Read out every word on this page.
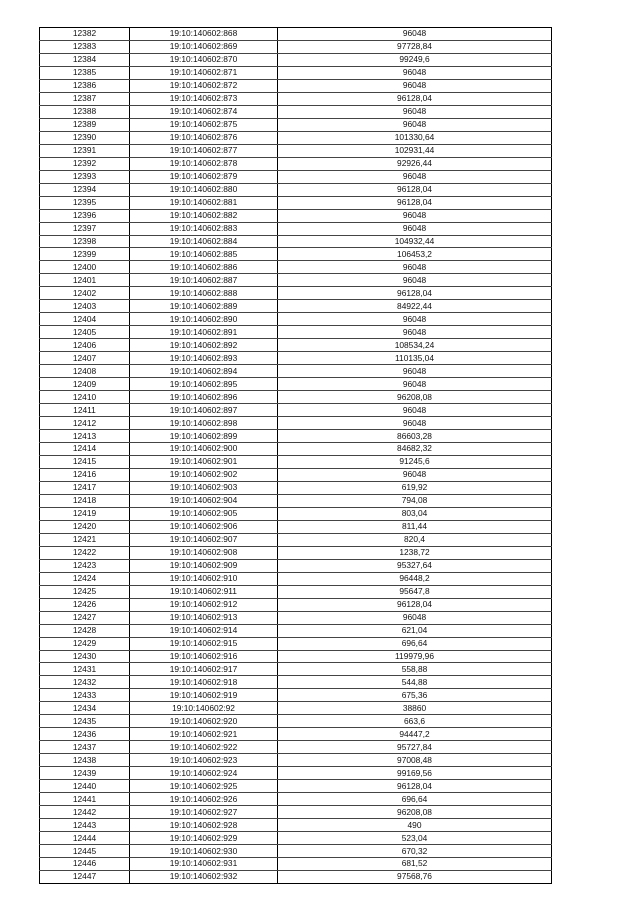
12382	19:10:140602:868	96048
12383	19:10:140602:869	97728,84
12384	19:10:140602:870	99249,6
12385	19:10:140602:871	96048
12386	19:10:140602:872	96048
12387	19:10:140602:873	96128,04
12388	19:10:140602:874	96048
12389	19:10:140602:875	96048
12390	19:10:140602:876	101330,64
12391	19:10:140602:877	102931,44
12392	19:10:140602:878	92926,44
12393	19:10:140602:879	96048
12394	19:10:140602:880	96128,04
12395	19:10:140602:881	96128,04
12396	19:10:140602:882	96048
12397	19:10:140602:883	96048
12398	19:10:140602:884	104932,44
12399	19:10:140602:885	106453,2
12400	19:10:140602:886	96048
12401	19:10:140602:887	96048
12402	19:10:140602:888	96128,04
12403	19:10:140602:889	84922,44
12404	19:10:140602:890	96048
12405	19:10:140602:891	96048
12406	19:10:140602:892	108534,24
12407	19:10:140602:893	110135,04
12408	19:10:140602:894	96048
12409	19:10:140602:895	96048
12410	19:10:140602:896	96208,08
12411	19:10:140602:897	96048
12412	19:10:140602:898	96048
12413	19:10:140602:899	86603,28
12414	19:10:140602:900	84682,32
12415	19:10:140602:901	91245,6
12416	19:10:140602:902	96048
12417	19:10:140602:903	619,92
12418	19:10:140602:904	794,08
12419	19:10:140602:905	803,04
12420	19:10:140602:906	811,44
12421	19:10:140602:907	820,4
12422	19:10:140602:908	1238,72
12423	19:10:140602:909	95327,64
12424	19:10:140602:910	96448,2
12425	19:10:140602:911	95647,8
12426	19:10:140602:912	96128,04
12427	19:10:140602:913	96048
12428	19:10:140602:914	621,04
12429	19:10:140602:915	696,64
12430	19:10:140602:916	119979,96
12431	19:10:140602:917	558,88
12432	19:10:140602:918	544,88
12433	19:10:140602:919	675,36
12434	19:10:140602:92	38860
12435	19:10:140602:920	663,6
12436	19:10:140602:921	94447,2
12437	19:10:140602:922	95727,84
12438	19:10:140602:923	97008,48
12439	19:10:140602:924	99169,56
12440	19:10:140602:925	96128,04
12441	19:10:140602:926	696,64
12442	19:10:140602:927	96208,08
12443	19:10:140602:928	490
12444	19:10:140602:929	523,04
12445	19:10:140602:930	670,32
12446	19:10:140602:931	681,52
12447	19:10:140602:932	97568,76
